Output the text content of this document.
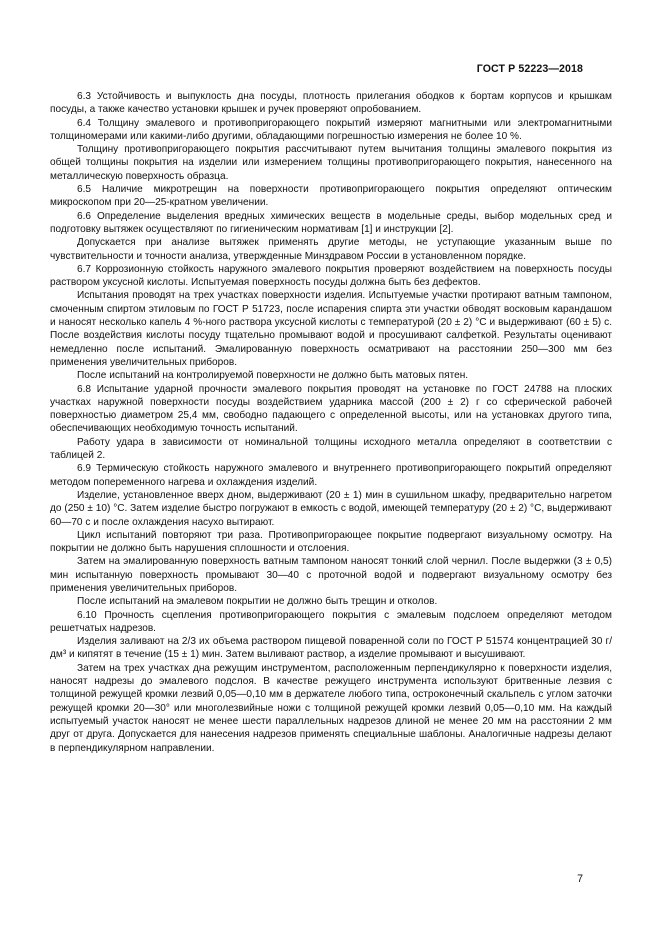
ГОСТ Р 52223—2018

6.3 Устойчивость и выпуклость дна посуды, плотность прилегания ободков к бортам корпусов и крышкам посуды, а также качество установки крышек и ручек проверяют опробованием.

6.4 Толщину эмалевого и противопригорающего покрытий измеряют магнитными или электромагнитными толщиномерами или какими-либо другими, обладающими погрешностью измерения не более 10 %.

Толщину противопригорающего покрытия рассчитывают путем вычитания толщины эмалевого покрытия из общей толщины покрытия на изделии или измерением толщины противопригорающего покрытия, нанесенного на металлическую поверхность образца.

6.5 Наличие микротрещин на поверхности противопригорающего покрытия определяют оптическим микроскопом при 20—25-кратном увеличении.

6.6 Определение выделения вредных химических веществ в модельные среды, выбор модельных сред и подготовку вытяжек осуществляют по гигиеническим нормативам [1] и инструкции [2].

Допускается при анализе вытяжек применять другие методы, не уступающие указанным выше по чувствительности и точности анализа, утвержденные Минздравом России в установленном порядке.

6.7 Коррозионную стойкость наружного эмалевого покрытия проверяют воздействием на поверхность посуды раствором уксусной кислоты. Испытуемая поверхность посуды должна быть без дефектов.

Испытания проводят на трех участках поверхности изделия. Испытуемые участки протирают ватным тампоном, смоченным спиртом этиловым по ГОСТ Р 51723, после испарения спирта эти участки обводят восковым карандашом и наносят несколько капель 4 %-ного раствора уксусной кислоты с температурой (20 ± 2) °С и выдерживают (60 ± 5) с. После воздействия кислоты посуду тщательно промывают водой и просушивают салфеткой. Результаты оценивают немедленно после испытаний. Эмалированную поверхность осматривают на расстоянии 250—300 мм без применения увеличительных приборов.

После испытаний на контролируемой поверхности не должно быть матовых пятен.

6.8 Испытание ударной прочности эмалевого покрытия проводят на установке по ГОСТ 24788 на плоских участках наружной поверхности посуды воздействием ударника массой (200 ± 2) г со сферической рабочей поверхностью диаметром 25,4 мм, свободно падающего с определенной высоты, или на установках другого типа, обеспечивающих необходимую точность испытаний.

Работу удара в зависимости от номинальной толщины исходного металла определяют в соответствии с таблицей 2.

6.9 Термическую стойкость наружного эмалевого и внутреннего противопригорающего покрытий определяют методом попеременного нагрева и охлаждения изделий.

Изделие, установленное вверх дном, выдерживают (20 ± 1) мин в сушильном шкафу, предварительно нагретом до (250 ± 10) °С. Затем изделие быстро погружают в емкость с водой, имеющей температуру (20 ± 2) °С, выдерживают 60—70 с и после охлаждения насухо вытирают.

Цикл испытаний повторяют три раза. Противопригорающее покрытие подвергают визуальному осмотру. На покрытии не должно быть нарушения сплошности и отслоения.

Затем на эмалированную поверхность ватным тампоном наносят тонкий слой чернил. После выдержки (3 ± 0,5) мин испытанную поверхность промывают 30—40 с проточной водой и подвергают визуальному осмотру без применения увеличительных приборов.

После испытаний на эмалевом покрытии не должно быть трещин и отколов.

6.10 Прочность сцепления противопригорающего покрытия с эмалевым подслоем определяют методом решетчатых надрезов.

Изделия заливают на 2/3 их объема раствором пищевой поваренной соли по ГОСТ Р 51574 концентрацией 30 г/дм³ и кипятят в течение (15 ± 1) мин. Затем выливают раствор, а изделие промывают и высушивают.

Затем на трех участках дна режущим инструментом, расположенным перпендикулярно к поверхности изделия, наносят надрезы до эмалевого подслоя. В качестве режущего инструмента используют бритвенные лезвия с толщиной режущей кромки лезвий 0,05—0,10 мм в держателе любого типа, остроконечный скальпель с углом заточки режущей кромки 20—30° или многолезвийные ножи с толщиной режущей кромки лезвий 0,05—0,10 мм. На каждый испытуемый участок наносят не менее шести параллельных надрезов длиной не менее 20 мм на расстоянии 2 мм друг от друга. Допускается для нанесения надрезов применять специальные шаблоны. Аналогичные надрезы делают в перпендикулярном направлении.

7
